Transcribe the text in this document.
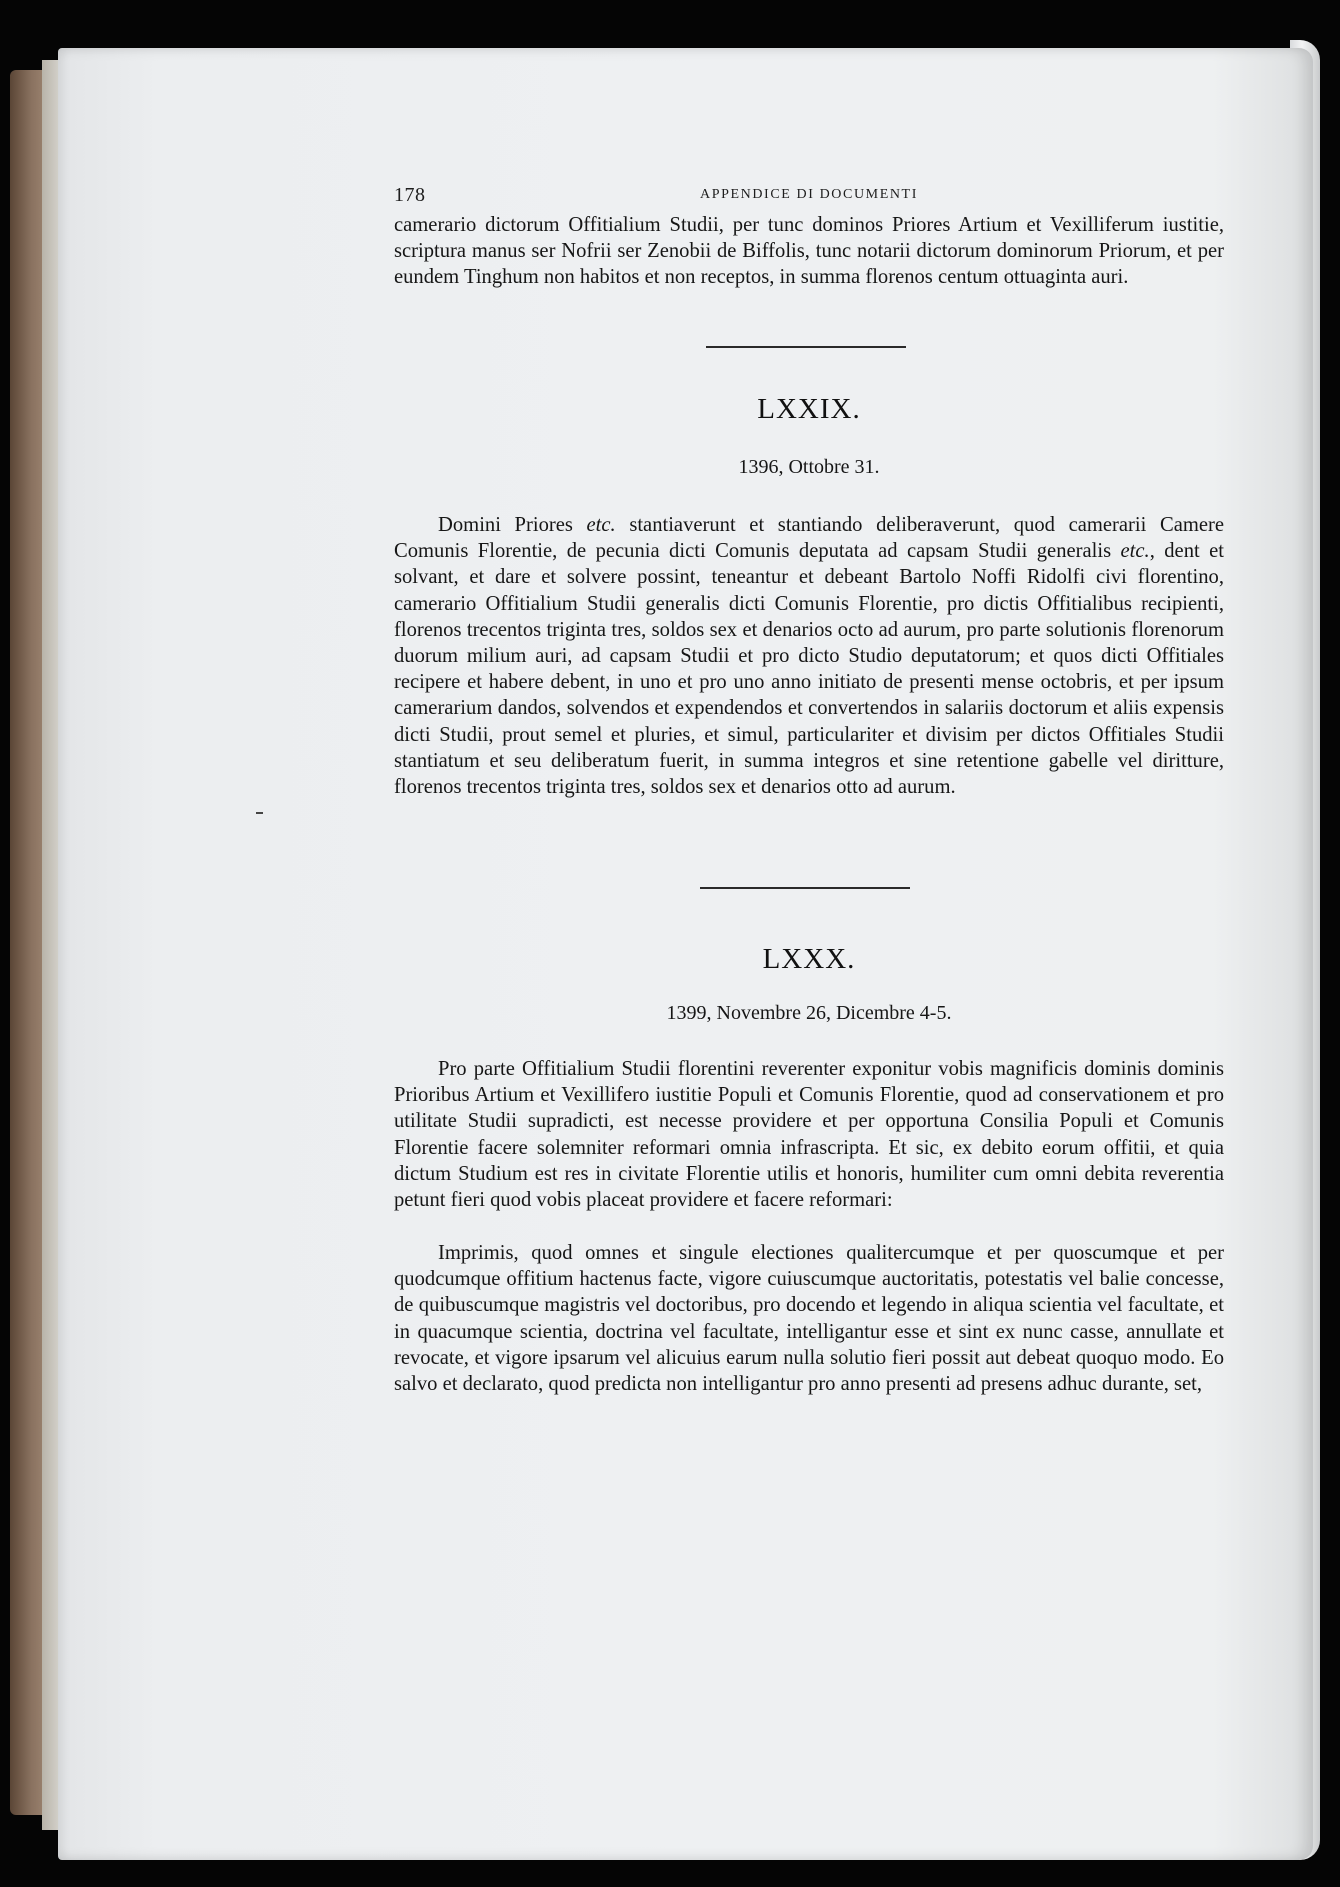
178	APPENDICE DI DOCUMENTI

camerario dictorum Offitialium Studii, per tunc dominos Priores Artium et Vexilliferum iustitie, scriptura manus ser Nofrii ser Zenobii de Biffolis, tunc notarii dictorum dominorum Priorum, et per eundem Tinghum non habitos et non receptos, in summa florenos centum ottuaginta auri.

LXXIX.

1396, Ottobre 31.

Domini Priores etc. stantiaverunt et stantiando deliberaverunt, quod camerarii Camere Comunis Florentie, de pecunia dicti Comunis deputata ad capsam Studii generalis etc., dent et solvant, et dare et solvere possint, teneantur et debeant Bartolo Noffi Ridolfi civi florentino, camerario Offitialium Studii generalis dicti Comunis Florentie, pro dictis Offitialibus recipienti, florenos trecentos triginta tres, soldos sex et denarios octo ad aurum, pro parte solutionis florenorum duorum milium auri, ad capsam Studii et pro dicto Studio deputatorum; et quos dicti Offitiales recipere et habere debent, in uno et pro uno anno initiato de presenti mense octobris, et per ipsum camerarium dandos, solvendos et expendendos et convertendos in salariis doctorum et aliis expensis dicti Studii, prout semel et pluries, et simul, particulariter et divisim per dictos Offitiales Studii stantiatum et seu deliberatum fuerit, in summa integros et sine retentione gabelle vel diritture, florenos trecentos triginta tres, soldos sex et denarios otto ad aurum.

LXXX.

1399, Novembre 26, Dicembre 4-5.

Pro parte Offitialium Studii florentini reverenter exponitur vobis magnificis dominis dominis Prioribus Artium et Vexillifero iustitie Populi et Comunis Florentie, quod ad conservationem et pro utilitate Studii supradicti, est necesse providere et per opportuna Consilia Populi et Comunis Florentie facere solemniter reformari omnia infrascripta. Et sic, ex debito eorum offitii, et quia dictum Studium est res in civitate Florentie utilis et honoris, humiliter cum omni debita reverentia petunt fieri quod vobis placeat providere et facere reformari:

Imprimis, quod omnes et singule electiones qualitercumque et per quoscumque et per quodcumque offitium hactenus facte, vigore cuiuscumque auctoritatis, potestatis vel balie concesse, de quibuscumque magistris vel doctoribus, pro docendo et legendo in aliqua scientia vel facultate, et in quacumque scientia, doctrina vel facultate, intelligantur esse et sint ex nunc casse, annullate et revocate, et vigore ipsarum vel alicuius earum nulla solutio fieri possit aut debeat quoquo modo. Eo salvo et declarato, quod predicta non intelligantur pro anno presenti ad presens adhuc durante, set,
